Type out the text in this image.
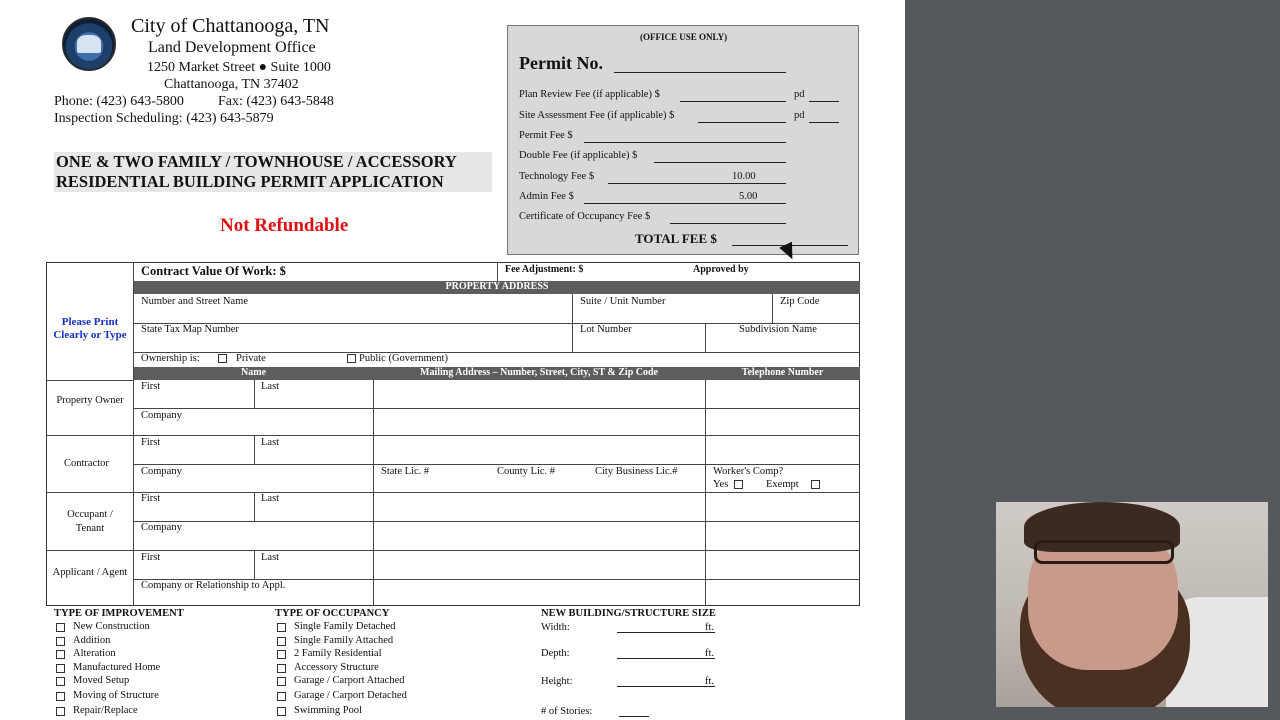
City of Chattanooga, TN
Land Development Office
1250 Market Street ● Suite 1000
Chattanooga, TN 37402
Phone: (423) 643-5800 Fax: (423) 643-5848
Inspection Scheduling: (423) 643-5879
ONE & TWO FAMILY / TOWNHOUSE / ACCESSORY
RESIDENTIAL BUILDING PERMIT APPLICATION
Not Refundable
(OFFICE USE ONLY)
Permit No.
Plan Review Fee (if applicable) $	pd
Site Assessment Fee (if applicable) $	pd
Permit Fee $
Double Fee (if applicable) $
Technology Fee $	10.00
Admin Fee $	5.00
Certificate of Occupancy Fee $
TOTAL FEE $
Contract Value Of Work: $	Fee Adjustment: $	Approved by
PROPERTY ADDRESS
Number and Street Name	Suite / Unit Number	Zip Code
State Tax Map Number	Lot Number	Subdivision Name
Ownership is:	Private	Public (Government)
Please Print Clearly or Type
Name	Mailing Address – Number, Street, City, ST & Zip Code	Telephone Number
Property Owner
First	Last
Company
Contractor
First	Last
Company	State Lic. #	County Lic. #	City Business Lic.#	Worker's Comp?
Yes	Exempt
Occupant / Tenant
First	Last
Company
Applicant / Agent
First	Last
Company or Relationship to Appl.
TYPE OF IMPROVEMENT
New Construction
Addition
Alteration
Manufactured Home
Moved Setup
Moving of Structure
Repair/Replace
TYPE OF OCCUPANCY
Single Family Detached
Single Family Attached
2 Family Residential
Accessory Structure
Garage / Carport Attached
Garage / Carport Detached
Swimming Pool
NEW BUILDING/STRUCTURE SIZE
Width:	ft.
Depth:	ft.
Height:	ft.
# of Stories:
